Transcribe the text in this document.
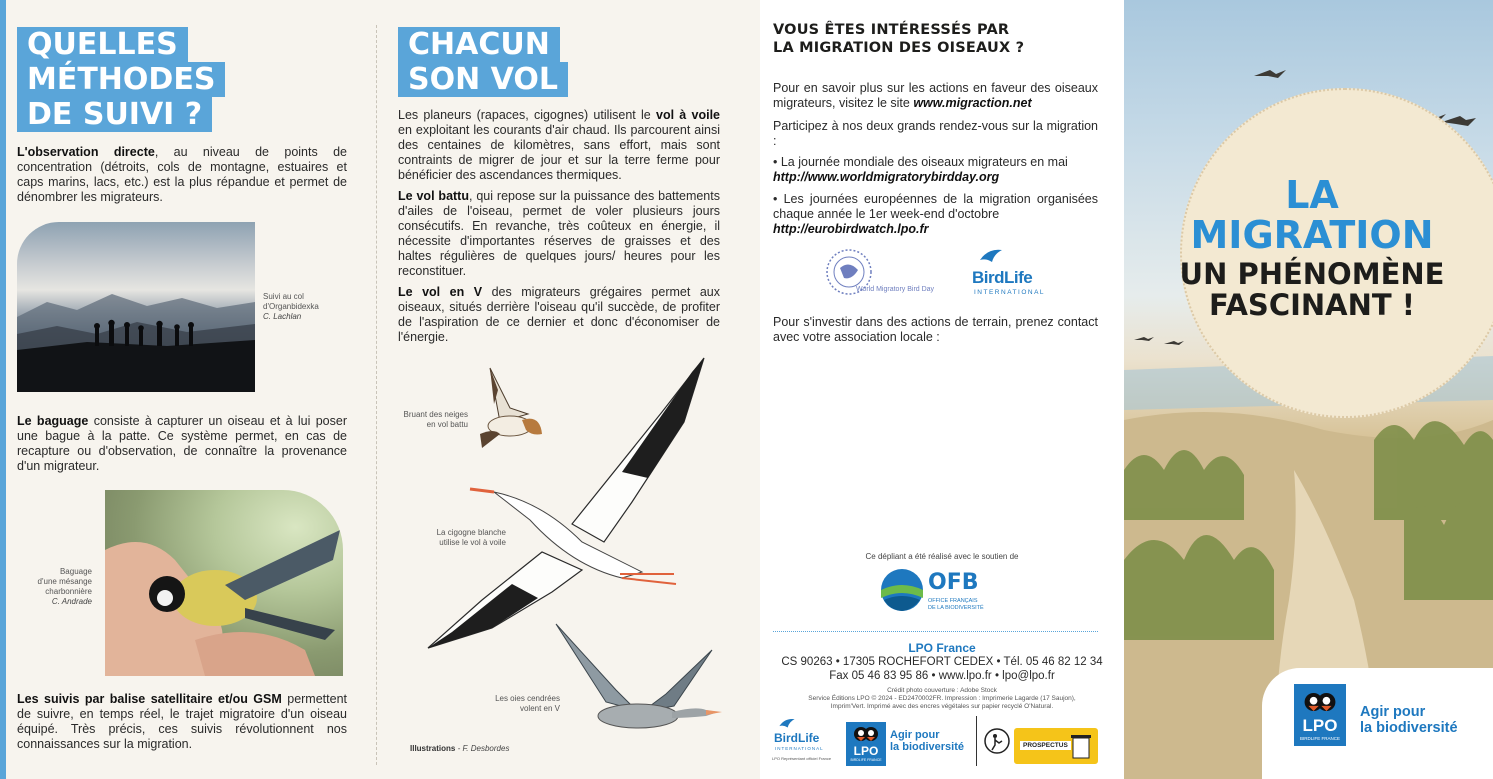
QUELLES
MÉTHODES
DE SUIVI ?

L'observation directe, au niveau de points de concentration (détroits, cols de montagne, estuaires et caps marins, lacs, etc.) est la plus répandue et permet de dénombrer les migrateurs.

Suivi au col
d'Organbidexka
C. Lachlan

Le baguage consiste à capturer un oiseau et à lui poser une bague à la patte. Ce système permet, en cas de recapture ou d'observation, de connaître la provenance d'un migrateur.

Baguage
d'une mésange
charbonnière
C. Andrade

Les suivis par balise satellitaire et/ou GSM permettent de suivre, en temps réel, le trajet migratoire d'un oiseau équipé. Très précis, ces suivis révolutionnent nos connaissances sur la migration.

CHACUN
SON VOL

Les planeurs (rapaces, cigognes) utilisent le vol à voile en exploitant les courants d'air chaud. Ils parcourent ainsi des centaines de kilomètres, sans effort, mais sont contraints de migrer de jour et sur la terre ferme pour bénéficier des ascendances thermiques.

Le vol battu, qui repose sur la puissance des battements d'ailes de l'oiseau, permet de voler plusieurs jours consécutifs. En revanche, très coûteux en énergie, il nécessite d'importantes réserves de graisses et des haltes régulières de quelques jours/ heures pour les reconstituer.

Le vol en V des migrateurs grégaires permet aux oiseaux, situés derrière l'oiseau qu'il succède, de profiter de l'aspiration de ce dernier et donc d'économiser de l'énergie.

Bruant des neiges
en vol battu
La cigogne blanche
utilise le vol à voile
Les oies cendrées
volent en V
Illustrations - F. Desbordes
VOUS ÊTES INTÉRESSÉS PAR
LA MIGRATION DES OISEAUX ?

Pour en savoir plus sur les actions en faveur des oiseaux migrateurs, visitez le site www.migraction.net

Participez à nos deux grands rendez-vous sur la migration :

• La journée mondiale des oiseaux migrateurs en mai
http://www.worldmigratorybirdday.org

• Les journées européennes de la migration organisées chaque année le 1er week-end d'octobre
http://eurobirdwatch.lpo.fr

World Migratory Bird Day
BirdLife
INTERNATIONAL

Pour s'investir dans des actions de terrain, prenez contact avec votre association locale :

Ce dépliant a été réalisé avec le soutien de
OFB
OFFICE FRANÇAIS
DE LA BIODIVERSITÉ
LPO France
CS 90263 • 17305 ROCHEFORT CEDEX • Tél. 05 46 82 12 34
Fax 05 46 83 95 86 • www.lpo.fr • lpo@lpo.fr
Crédit photo couverture : Adobe Stock
Service Éditions LPO © 2024 - ED2470002FR. Impression : Imprimerie Lagarde (17 Saujon),
Imprim'Vert. Imprimé avec des encres végétales sur papier recyclé O'Natural.
BirdLife
INTERNATIONAL
LPO Représentant officiel France
LPO
BIRDLIFE FRANCE
Agir pour
la biodiversité	PROSPECTUS
LA
MIGRATION
UN PHÉNOMÈNE
FASCINANT !
LPO
BIRDLIFE FRANCE
Agir pour
la biodiversité
